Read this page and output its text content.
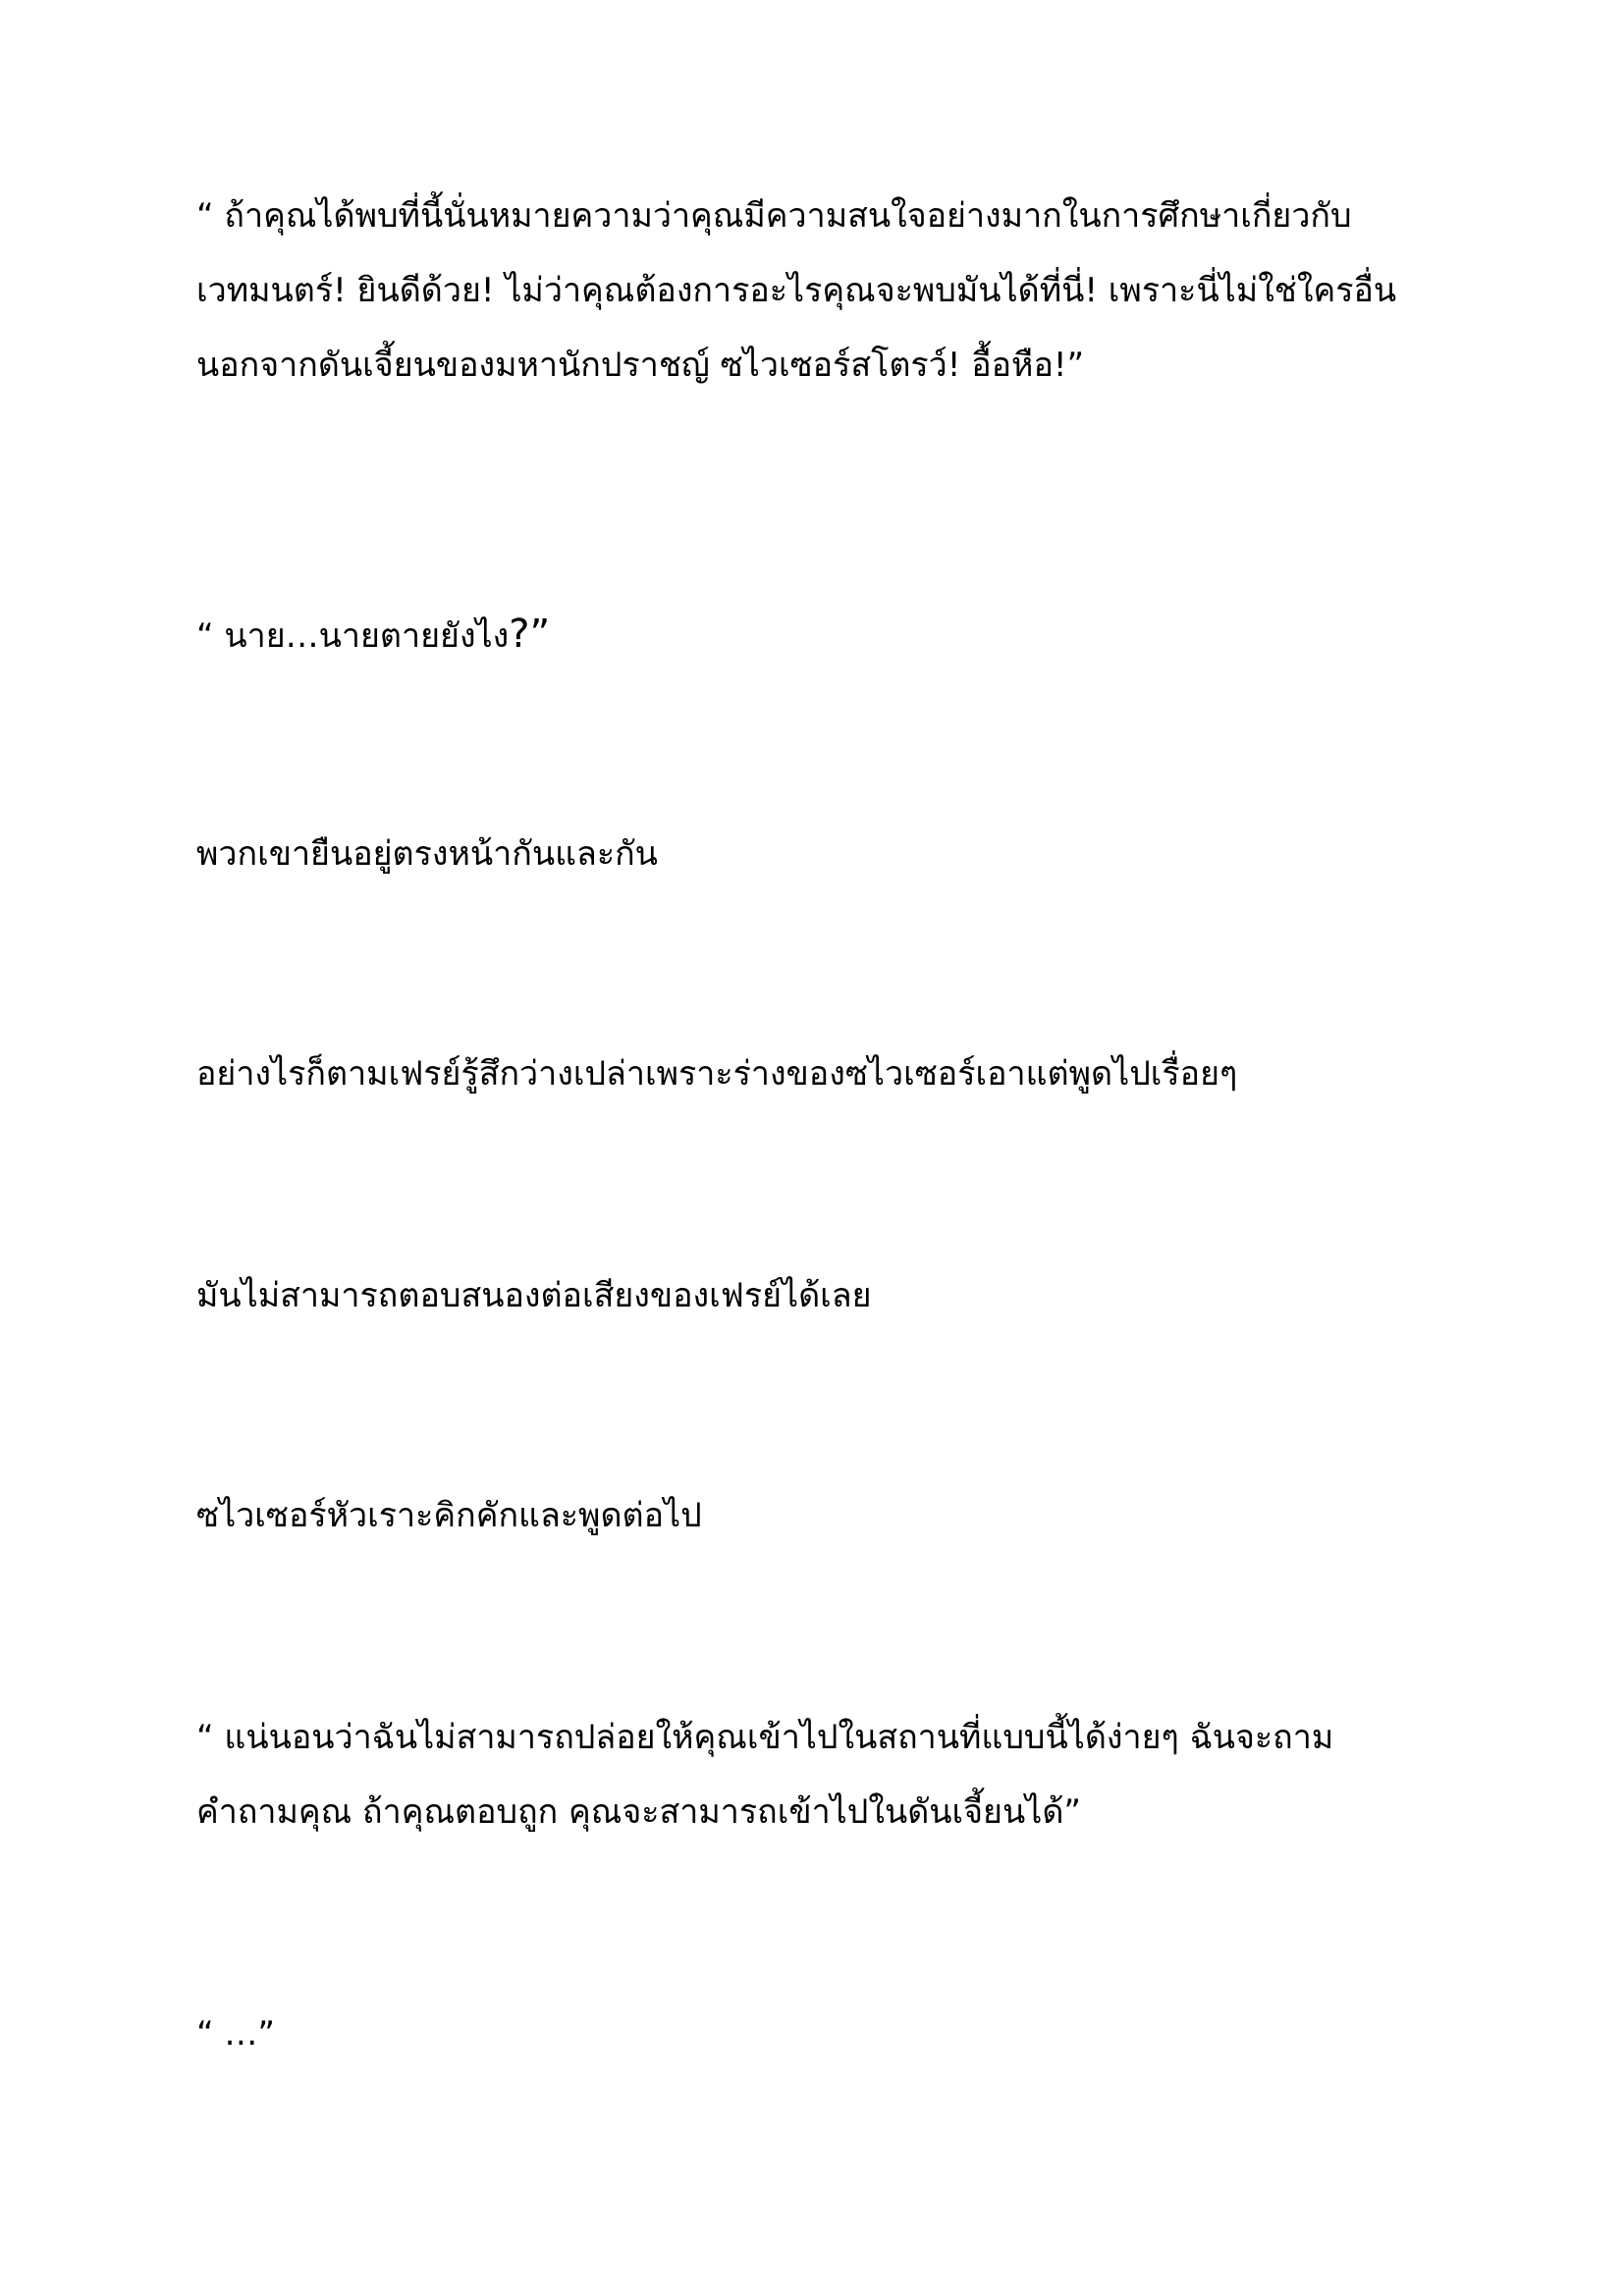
“ ถ้าคุณได้พบที่นี้นั่นหมายความว่าคุณมีความสนใจอย่างมากในการศึกษาเกี่ยวกับ
เวทมนตร์! ยินดีด้วย! ไม่ว่าคุณต้องการอะไรคุณจะพบมันได้ที่นี่! เพราะนี่ไม่ใช่ใครอื่น
นอกจากดันเจี้ยนของมหานักปราชญ์ ซไวเซอร์สโตรว์! อื้อหือ!”

“ นาย…นายตายยังไง?”

พวกเขายืนอยู่ตรงหน้ากันและกัน

อย่างไรก็ตามเฟรย์รู้สึกว่างเปล่าเพราะร่างของซไวเซอร์เอาแต่พูดไปเรื่อยๆ

มันไม่สามารถตอบสนองต่อเสียงของเฟรย์ได้เลย

ซไวเซอร์หัวเราะคิกคักและพูดต่อไป

“ แน่นอนว่าฉันไม่สามารถปล่อยให้คุณเข้าไปในสถานที่แบบนี้ได้ง่ายๆ ฉันจะถาม
คำถามคุณ ถ้าคุณตอบถูก คุณจะสามารถเข้าไปในดันเจี้ยนได้”

“ …”
